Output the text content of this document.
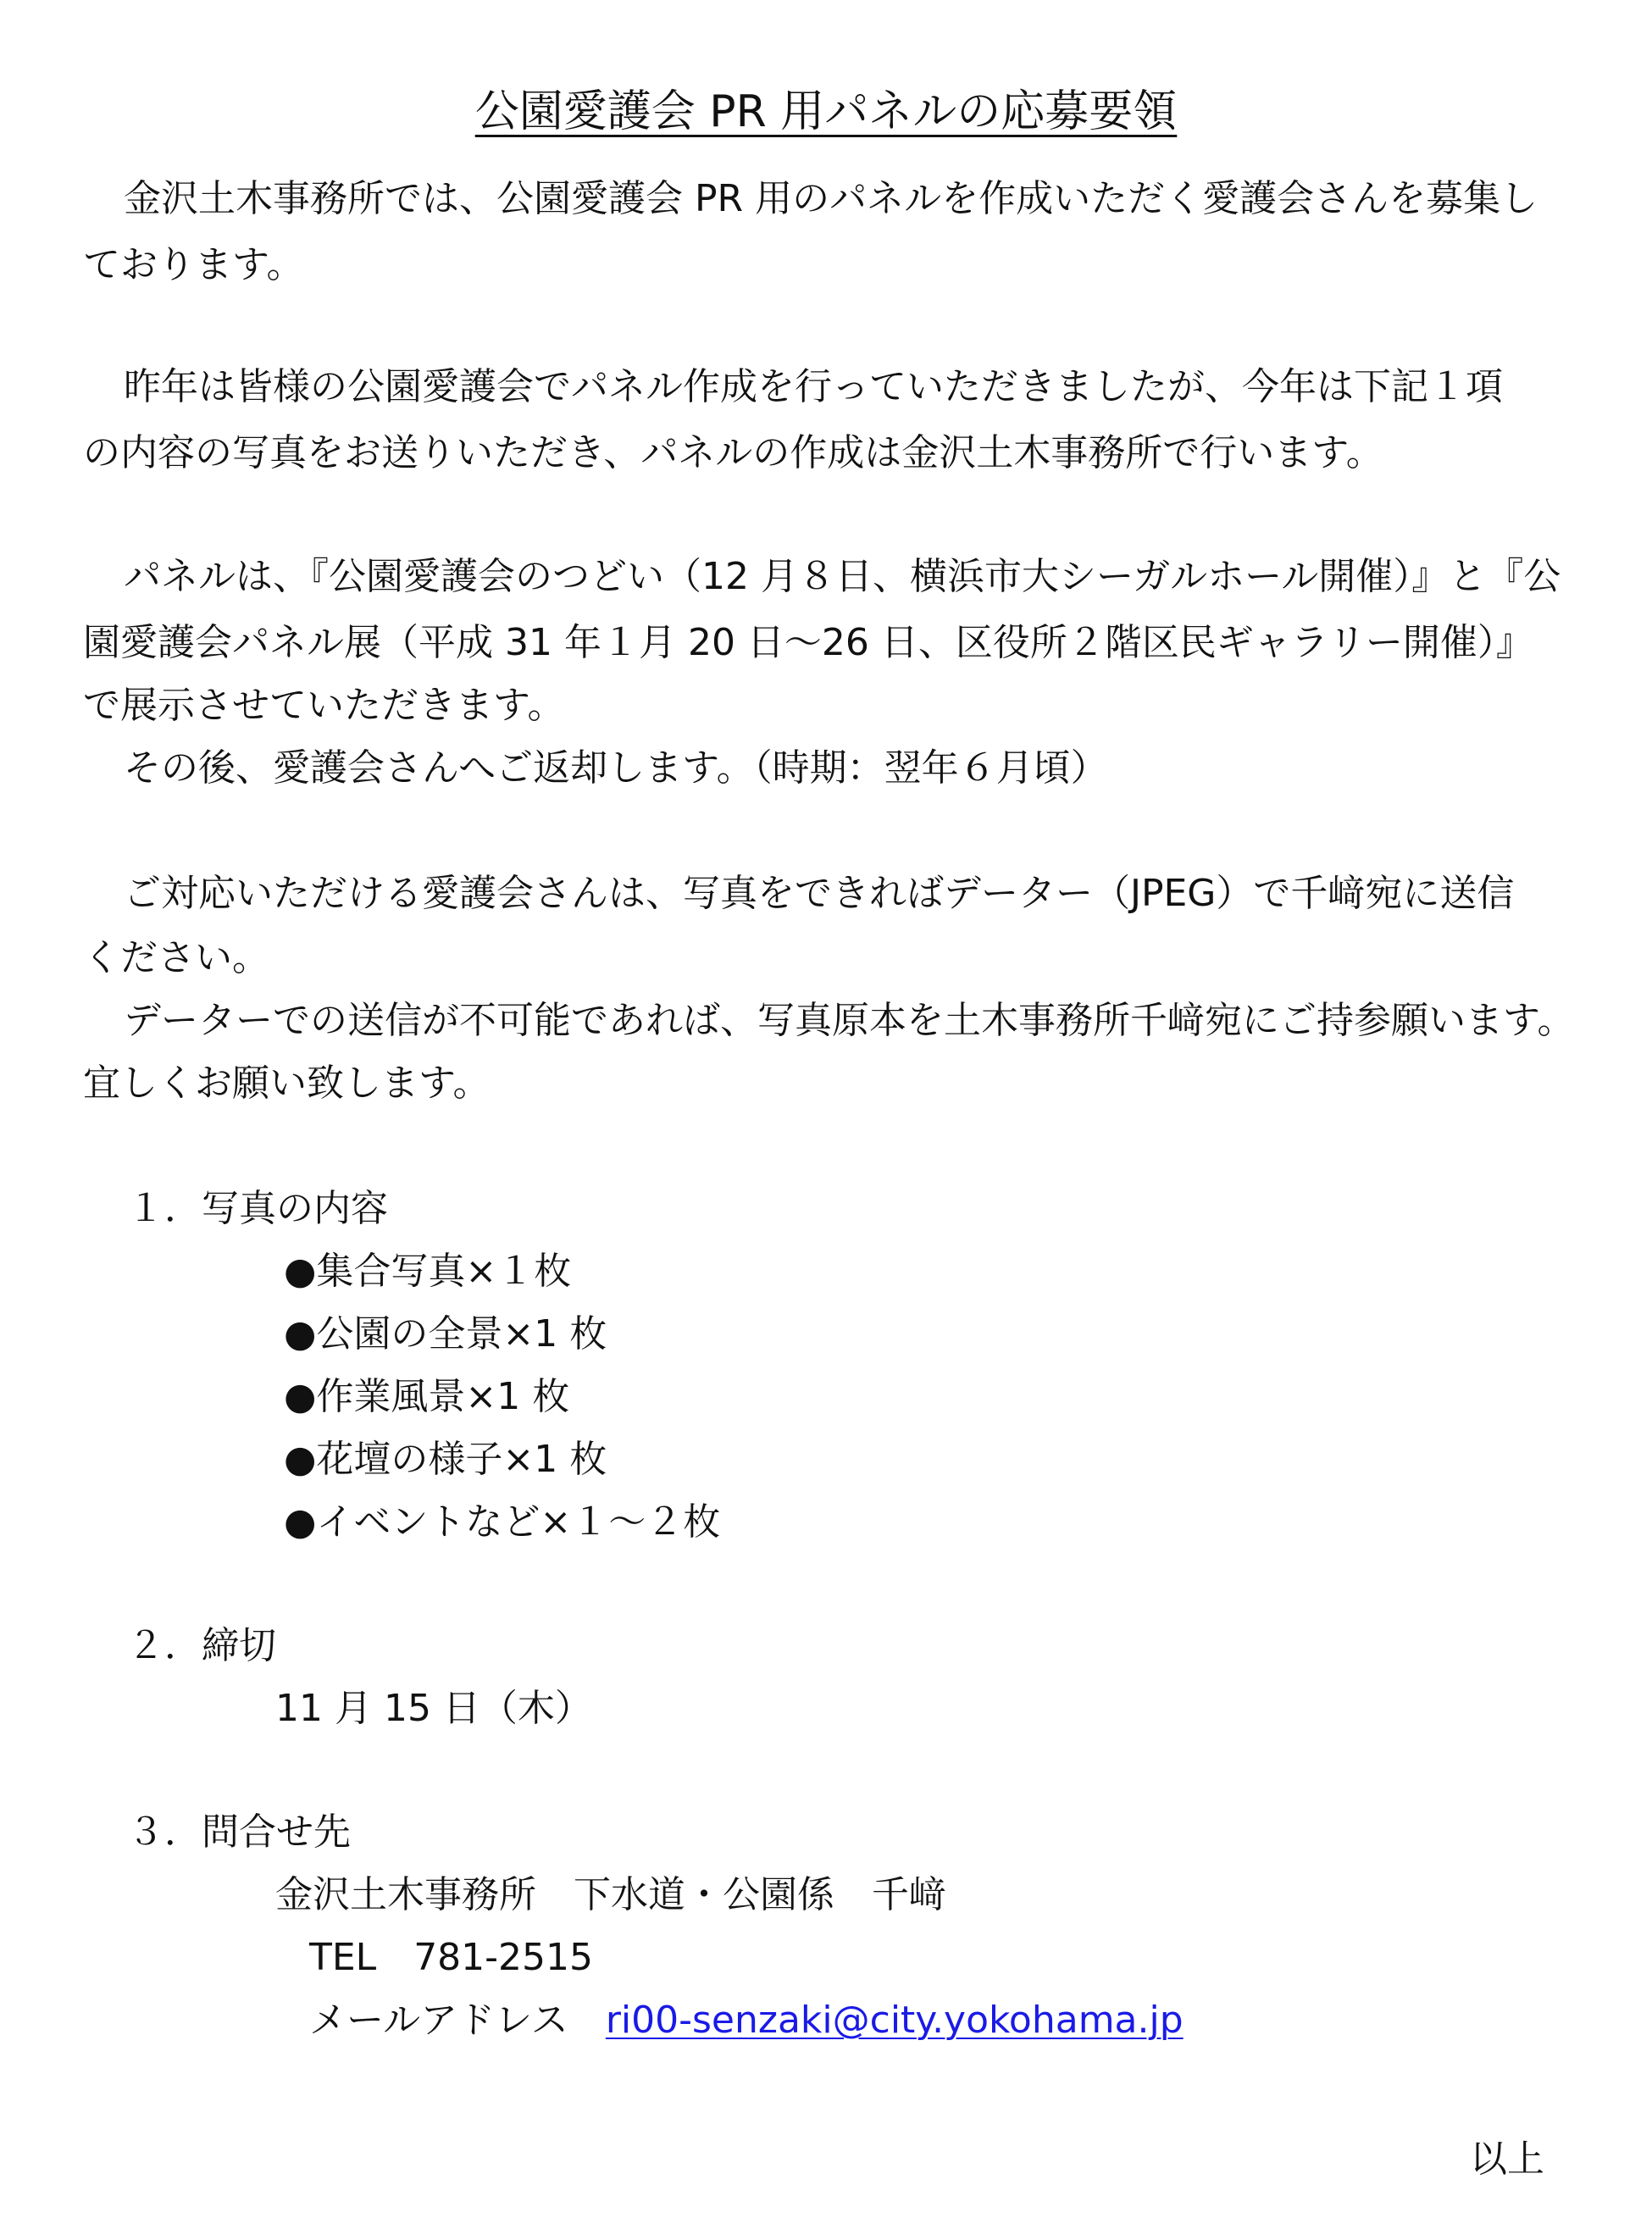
公園愛護会 PR 用パネルの応募要領
金沢土木事務所では、公園愛護会 PR 用のパネルを作成いただく愛護会さんを募集し
ております。
昨年は皆様の公園愛護会でパネル作成を行っていただきましたが、今年は下記１項
の内容の写真をお送りいただき、パネルの作成は金沢土木事務所で行います。
パネルは、『公園愛護会のつどい（12 月８日、横浜市大シーガルホール開催）』と『公
園愛護会パネル展（平成 31 年１月 20 日～26 日、区役所２階区民ギャラリー開催）』
で展示させていただきます。
その後、愛護会さんへご返却します。（時期：翌年６月頃）
ご対応いただける愛護会さんは、写真をできればデーター（JPEG）で千﨑宛に送信
ください。
データーでの送信が不可能であれば、写真原本を土木事務所千﨑宛にご持参願います。
宜しくお願い致します。
１．写真の内容
●集合写真×１枚
●公園の全景×1 枚
●作業風景×1 枚
●花壇の様子×1 枚
●イベントなど×１～２枚
２．締切
11 月 15 日（木）
３．問合せ先
金沢土木事務所　下水道・公園係　千﨑
TEL　781-2515
メールアドレス　ri00-senzaki@city.yokohama.jp
以上
